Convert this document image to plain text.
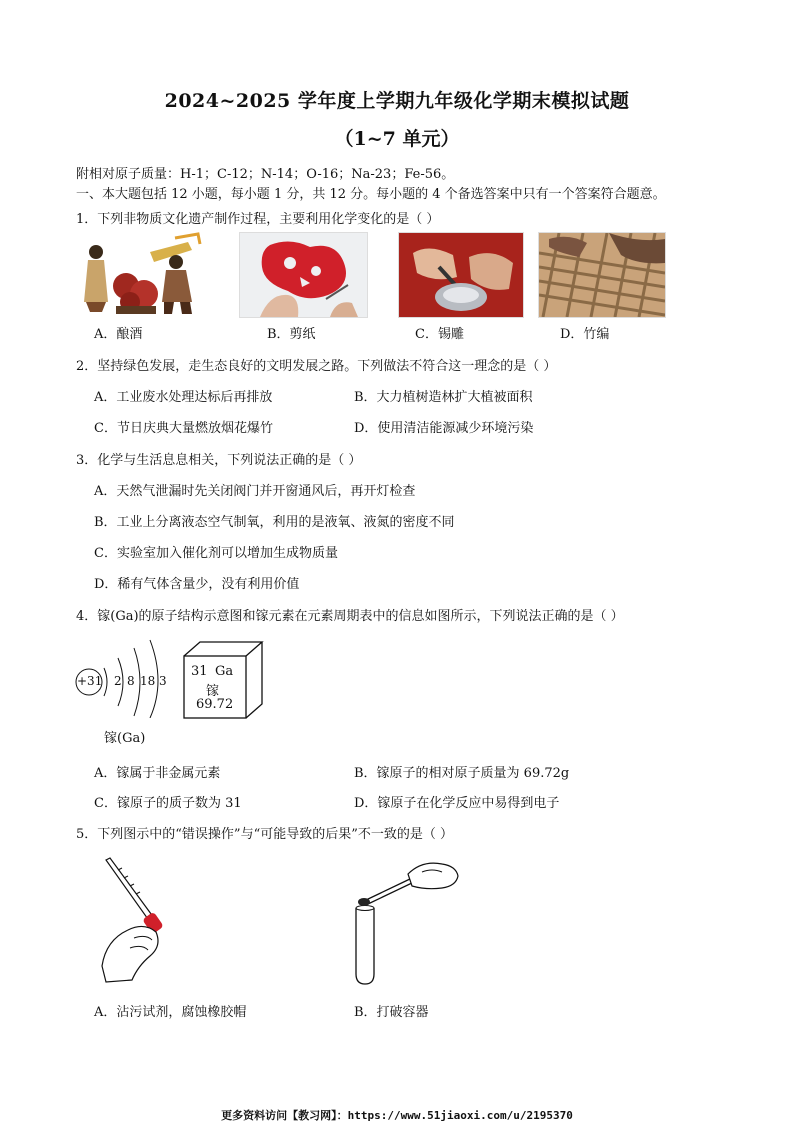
2024~2025 学年度上学期九年级化学期末模拟试题
（1~7 单元）
附相对原子质量：H-1；C-12；N-14；O-16；Na-23；Fe-56。
一、本大题包括 12 小题，每小题 1 分，共 12 分。每小题的 4 个备选答案中只有一个答案符合题意。
1．下列非物质文化遗产制作过程，主要利用化学变化的是（ ）
A．酿酒	B．剪纸	C．锡雕	D．竹编
2．坚持绿色发展，走生态良好的文明发展之路。下列做法不符合这一理念的是（ ）
A．工业废水处理达标后再排放	B．大力植树造林扩大植被面积
C．节日庆典大量燃放烟花爆竹	D．使用清洁能源减少环境污染
3．化学与生活息息相关，下列说法正确的是（ ）
A．天然气泄漏时先关闭阀门并开窗通风后，再开灯检查
B．工业上分离液态空气制氧，利用的是液氧、液氮的密度不同
C．实验室加入催化剂可以增加生成物质量
D．稀有气体含量少，没有利用价值
4．镓(Ga)的原子结构示意图和镓元素在元素周期表中的信息如图所示，下列说法正确的是（ ）
+31 2 8 18 3
镓(Ga)
31 Ga
镓
69.72
A．镓属于非金属元素	B．镓原子的相对原子质量为 69.72g
C．镓原子的质子数为 31	D．镓原子在化学反应中易得到电子
5．下列图示中的“错误操作”与“可能导致的后果”不一致的是（ ）
A．沾污试剂，腐蚀橡胶帽	B．打破容器
更多资料访问【教习网】：https://www.51jiaoxi.com/u/2195370
